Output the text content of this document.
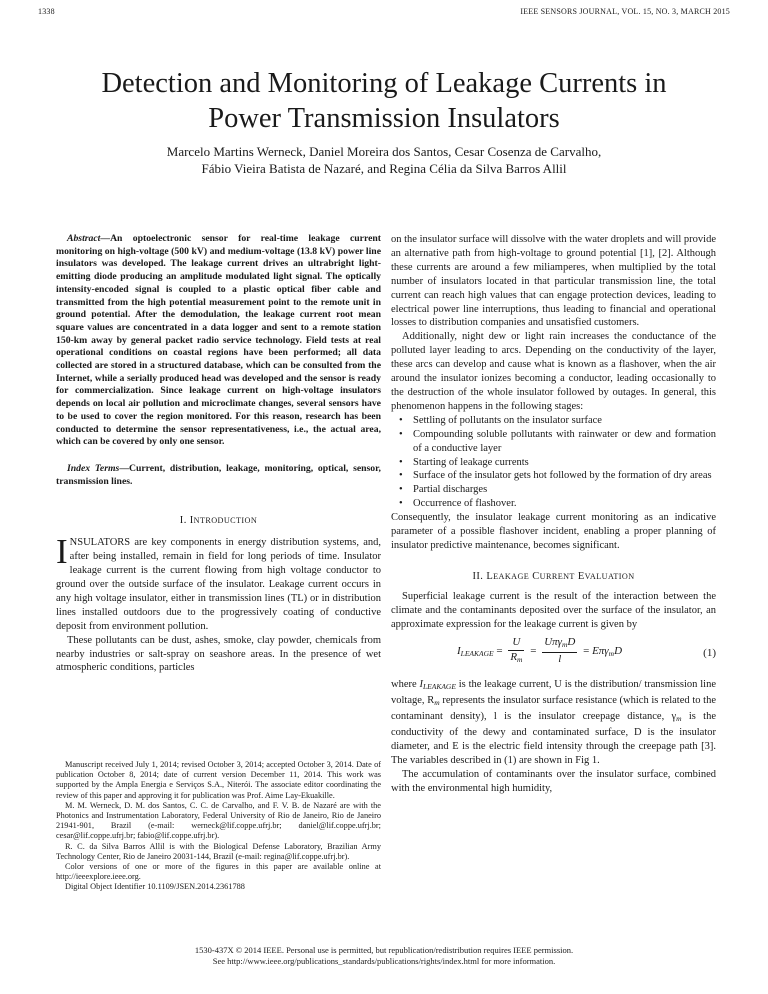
1338	IEEE SENSORS JOURNAL, VOL. 15, NO. 3, MARCH 2015
Detection and Monitoring of Leakage Currents in
Power Transmission Insulators
Marcelo Martins Werneck, Daniel Moreira dos Santos, Cesar Cosenza de Carvalho,
Fábio Vieira Batista de Nazaré, and Regina Célia da Silva Barros Allil

Abstract—An optoelectronic sensor for real-time leakage current monitoring on high-voltage (500 kV) and medium-voltage (13.8 kV) power line insulators was developed. The leakage current drives an ultrabright light-emitting diode producing an amplitude modulated light signal. The optically intensity-encoded signal is coupled to a plastic optical fiber cable and transmitted from the high potential measurement point to the remote unit in ground potential. After the demodulation, the leakage current root mean square values are concentrated in a data logger and sent to a remote station 150-km away by general packet radio service technology. Field tests at real operational conditions on coastal regions have been performed; all data collected are stored in a structured database, which can be consulted from the Internet, while a serially produced head was developed and the sensor is ready for commercialization. Since leakage current on high-voltage insulators depends on local air pollution and microclimate changes, several sensors have to be used to cover the region monitored. For this reason, research has been conducted to determine the sensor representativeness, i.e., the actual area, which can be covered by only one sensor.

Index Terms—Current, distribution, leakage, monitoring, optical, sensor, transmission lines.

I. INTRODUCTION

INSULATORS are key components in energy distribution systems, and, after being installed, remain in field for long periods of time. Insulator leakage current is the current flowing from high voltage conductor to ground over the outside surface of the insulator. Leakage current occurs in any high voltage insulator, either in transmission lines (TL) or in distribution lines installed outdoors due to the progressively coating of conductive deposit from environment pollution.

These pollutants can be dust, ashes, smoke, clay powder, chemicals from nearby industries or salt-spray on seashore areas. In the presence of wet atmospheric conditions, particles

Manuscript received July 1, 2014; revised October 3, 2014; accepted October 3, 2014. Date of publication October 8, 2014; date of current version December 11, 2014. This work was supported by the Ampla Energia e Serviços S.A., Niterói. The associate editor coordinating the review of this paper and approving it for publication was Prof. Aime Lay-Ekuakille.

M. M. Werneck, D. M. dos Santos, C. C. de Carvalho, and F. V. B. de Nazaré are with the Photonics and Instrumentation Laboratory, Federal University of Rio de Janeiro, Rio de Janeiro 21941-901, Brazil (e-mail: werneck@lif.coppe.ufrj.br; daniel@lif.coppe.ufrj.br; cesar@lif.coppe.ufrj.br; fabio@lif.coppe.ufrj.br).

R. C. da Silva Barros Allil is with the Biological Defense Laboratory, Brazilian Army Technology Center, Rio de Janeiro 20031-144, Brazil (e-mail: regina@lif.coppe.ufrj.br).

Color versions of one or more of the figures in this paper are available online at http://ieeexplore.ieee.org.

Digital Object Identifier 10.1109/JSEN.2014.2361788

on the insulator surface will dissolve with the water droplets and will provide an alternative path from high-voltage to ground potential [1], [2]. Although these currents are around a few miliamperes, when multiplied by the total number of insulators located in that particular transmission line, the total current can reach high values that can engage protection devices, leading to electrical power line interruptions, thus leading to financial and operational losses to distribution companies and unsatisfied customers.

Additionally, night dew or light rain increases the conductance of the polluted layer leading to arcs. Depending on the conductivity of the layer, these arcs can develop and cause what is known as a flashover, when the air around the insulator ionizes becoming a conductor, leading occasionally to the destruction of the whole insulator followed by outages. In general, this phenomenon happens in the following stages:

• Settling of pollutants on the insulator surface
• Compounding soluble pollutants with rainwater or dew and formation of a conductive layer
• Starting of leakage currents
• Surface of the insulator gets hot followed by the formation of dry areas
• Partial discharges
• Occurrence of flashover.

Consequently, the insulator leakage current monitoring as an indicative parameter of a possible flashover incident, enabling a proper planning of insulator predictive maintenance, becomes significant.

II. LEAKAGE CURRENT EVALUATION

Superficial leakage current is the result of the interaction between the climate and the contaminants deposited over the surface of the insulator, an approximate expression for the leakage current is given by

$I_{LEAKAGE} = \frac{U}{R_m} = \frac{U\pi\gamma_mD}{l} = E\pi\gamma_mD$	(1)

where $I_{LEAKAGE}$ is the leakage current, U is the distribution/ transmission line voltage, $R_m$ represents the insulator surface resistance (which is related to the contaminant density), l is the insulator creepage distance, $\gamma_m$ is the conductivity of the dewy and contaminated surface, D is the insulator diameter, and E is the electric field intensity through the creepage path [3]. The variables described in (1) are shown in Fig 1.

The accumulation of contaminants over the insulator surface, combined with the environmental high humidity,

1530-437X © 2014 IEEE. Personal use is permitted, but republication/redistribution requires IEEE permission.
See http://www.ieee.org/publications_standards/publications/rights/index.html for more information.
